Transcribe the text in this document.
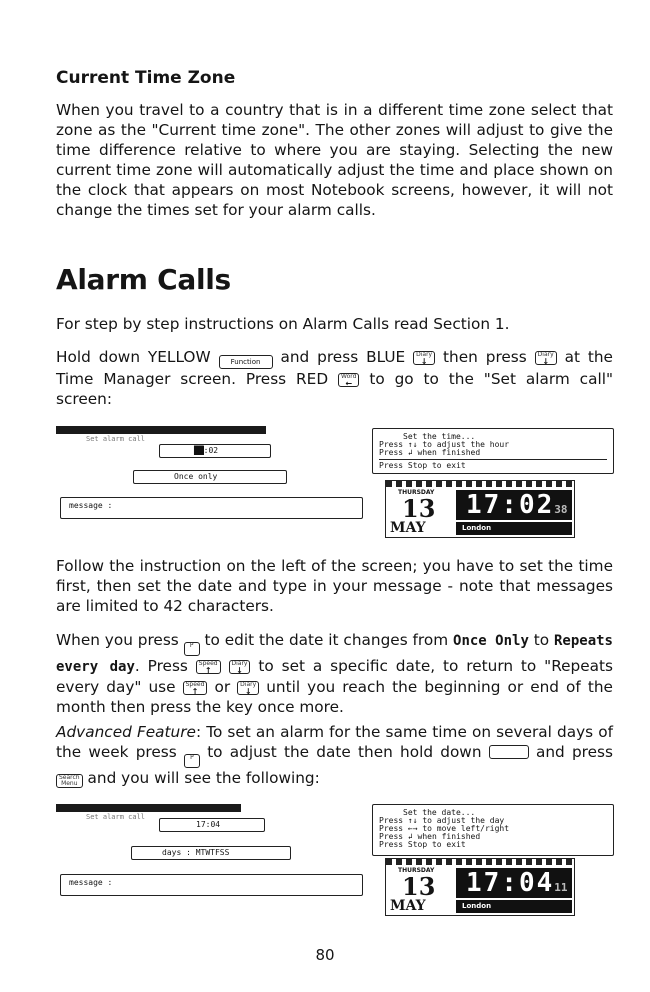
Current Time Zone

When you travel to a country that is in a different time zone select that zone as the "Current time zone". The other zones will adjust to give the time difference relative to where you are staying. Selecting the new current time zone will automatically adjust the time and place shown on the clock that appears on most Notebook screens, however, it will not change the times set for your alarm calls.

Alarm Calls
For step by step instructions on Alarm Calls read Section 1.
Hold down YELLOW	Function	and press BLUE Diary
↓	then press Diary
↓	at the Time Manager screen. Press RED Word
← to go to the "Set alarm call" screen:
Set alarm call
██:02
Once only
message :
Set the time...
Press ↑↓ to adjust the hour
Press ↲ when finished
Press Stop to exit
THURSDAY
13
MAY
17:0238
London
Follow the instruction on the left of the screen; you have to set the time first, then set the date and type in your message - note that messages are limited to 42 characters.
When you press	P to edit the date it changes from Once Only to Repeats every day. Press Speed
↑

Diary
↓	to set a specific date, to return to "Repeats every day" use Speed
↑	or Diary
↓ until you reach the beginning or end of the month then press the key once more.
Advanced Feature: To set an alarm for the same time on several days of the week press	P to adjust the date then hold down	and press
Search
Menu and you will see the following:
Set alarm call
17:04
days : MTWTFSS
message :
Set the date...
Press ↑↓ to adjust the day
Press ←→ to move left/right
Press ↲ when finished
Press Stop to exit
THURSDAY
13
MAY
17:0411
London
80
